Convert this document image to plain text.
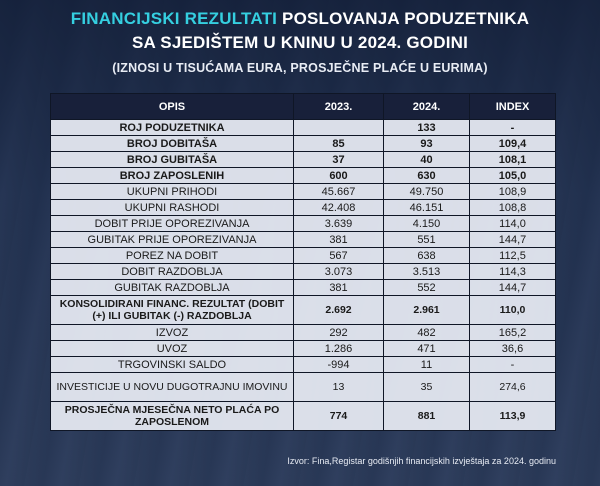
FINANCIJSKI REZULTATI POSLOVANJA PODUZETNIKA
SA SJEDIŠTEM U KNINU U 2024. GODINI
(IZNOSI U TISUĆAMA EURA, PROSJEČNE PLAĆE U EURIMA)
OPIS	2023.	2024.	INDEX
ROJ PODUZETNIKA		133	-
BROJ DOBITAŠA	85	93	109,4
BROJ GUBITAŠA	37	40	108,1
BROJ ZAPOSLENIH	600	630	105,0
UKUPNI PRIHODI	45.667	49.750	108,9
UKUPNI RASHODI	42.408	46.151	108,8
DOBIT PRIJE OPOREZIVANJA	3.639	4.150	114,0
GUBITAK PRIJE OPOREZIVANJA	381	551	144,7
POREZ NA DOBIT	567	638	112,5
DOBIT RAZDOBLJA	3.073	3.513	114,3
GUBITAK RAZDOBLJA	381	552	144,7
KONSOLIDIRANI FINANC. REZULTAT (DOBIT (+) ILI GUBITAK (-) RAZDOBLJA	2.692	2.961	110,0
IZVOZ	292	482	165,2
UVOZ	1.286	471	36,6
TRGOVINSKI SALDO	-994	11	-
INVESTICIJE U NOVU DUGOTRAJNU IMOVINU	13	35	274,6
PROSJEČNA MJESEČNA NETO PLAĆA PO ZAPOSLENOM	774	881	113,9
Izvor: Fina,Registar godišnjih financijskih izvještaja za 2024. godinu
